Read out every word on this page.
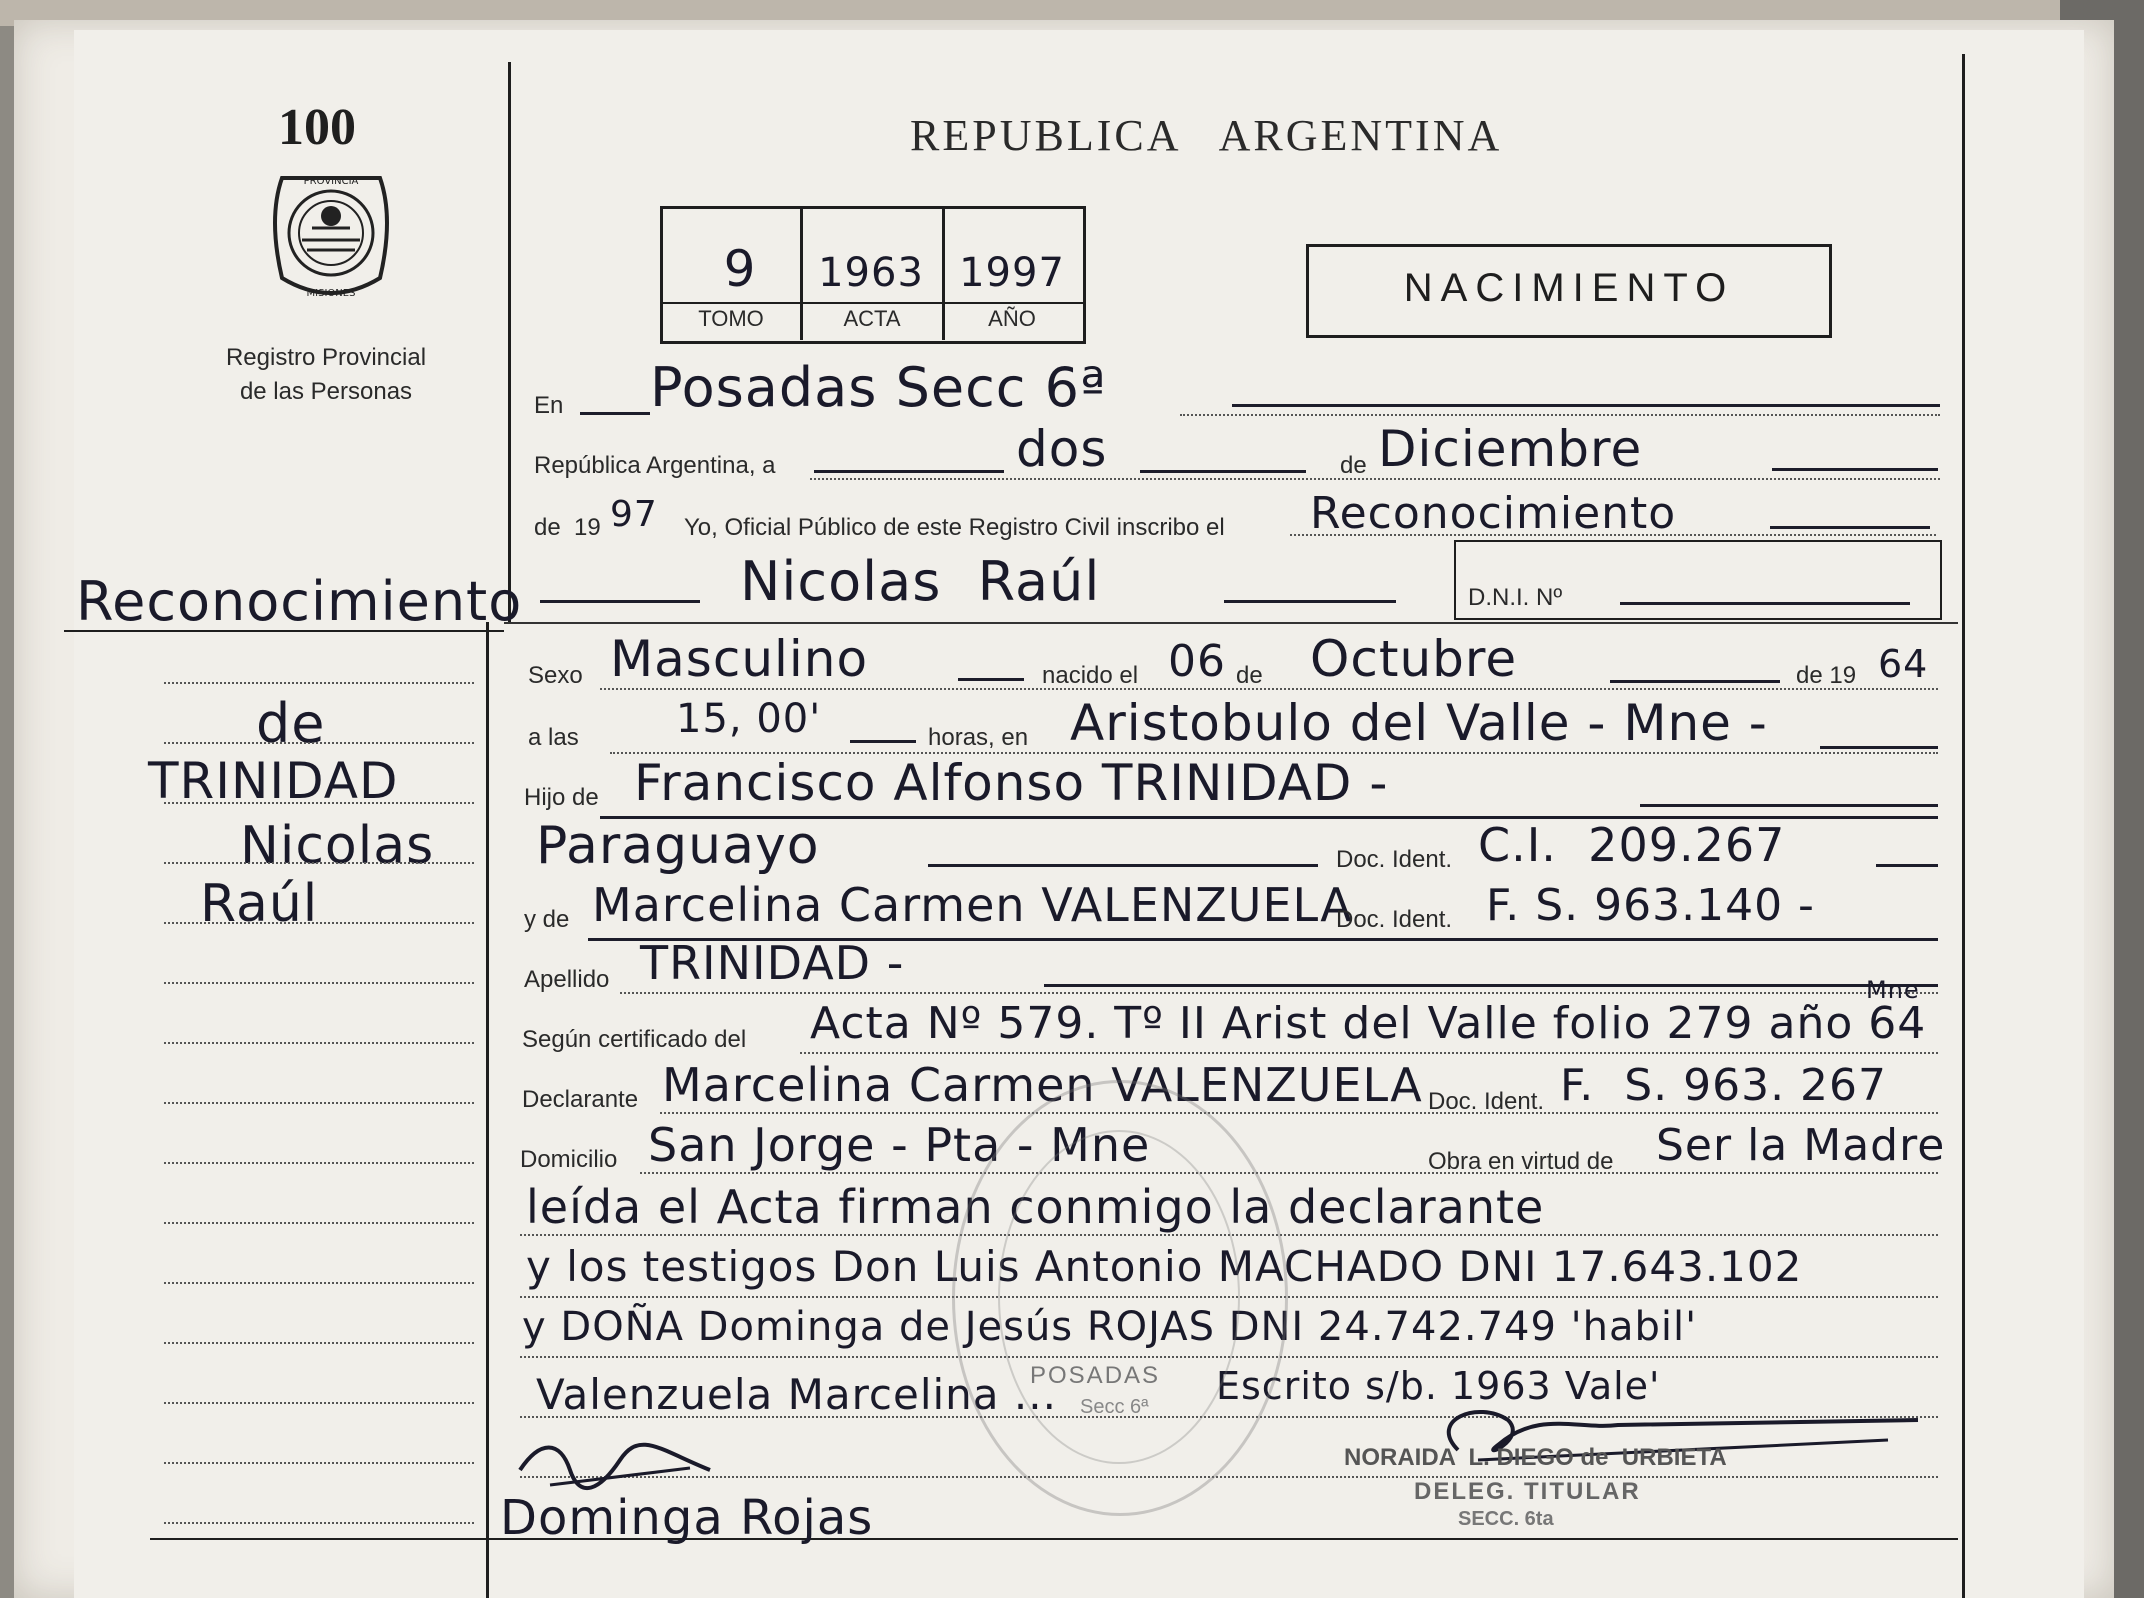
100
PROVINCIA
MISIONES
Registro Provincial
de las Personas
REPUBLICA   ARGENTINA
9	1963 1997
TOMO	ACTA	AÑO
NACIMIENTO
Reconocimiento
de
TRINIDAD
Nicolas
Raúl
En Posadas Secc 6ª
República Argentina, a	dos	de Diciembre
de  19 97 Yo, Oficial Público de este Registro Civil inscribo el Reconocimiento
Nicolas  Raúl	D.N.I. Nº
Sexo Masculino	nacido el 06 de Octubre	de 19 64
a las 15, 00'	horas, en Aristobulo del Valle - Mne -
Hijo de Francisco Alfonso TRINIDAD -
Paraguayo	Doc. Ident. C.I.  209.267
y de Marcelina Carmen VALENZUELA
Doc. Ident. F. S. 963.140 -
Apellido TRINIDAD -
Según certificado del Acta Nº 579. Tº II Arist del Valle folio 279 año 64
Mne
Declarante Marcelina Carmen VALENZUELA Doc. Ident. F.  S. 963. 267
Domicilio San Jorge - Pta - Mne	Obra en virtud de Ser la Madre
leída el Acta firman conmigo la declarante
y los testigos Don Luis Antonio MACHADO DNI 17.643.102
y DOÑA Dominga de Jesús ROJAS DNI 24.742.749 'habil'
Valenzuela Marcelina ...	Escrito s/b. 1963 Vale'
POSADAS
Secc 6ª
Dominga Rojas
NORAIDA  L. DIEGO de  URBIETA
DELEG. TITULAR
SECC. 6ta
